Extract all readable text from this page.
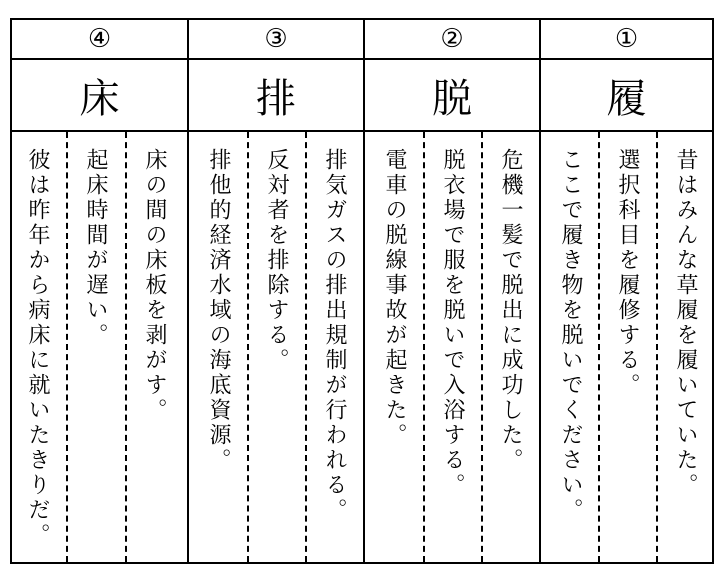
④
床
彼は昨年から病床に就いたきりだ。	起床時間が遅い。	床の間の床板を剥がす。
③
排
排他的経済水域の海底資源。	反対者を排除する。	排気ガスの排出規制が行われる。
②
脱
電車の脱線事故が起きた。	脱衣場で服を脱いで入浴する。	危機一髪で脱出に成功した。
①
履
ここで履き物を脱いでください。	選択科目を履修する。	昔はみんな草履を履いていた。
